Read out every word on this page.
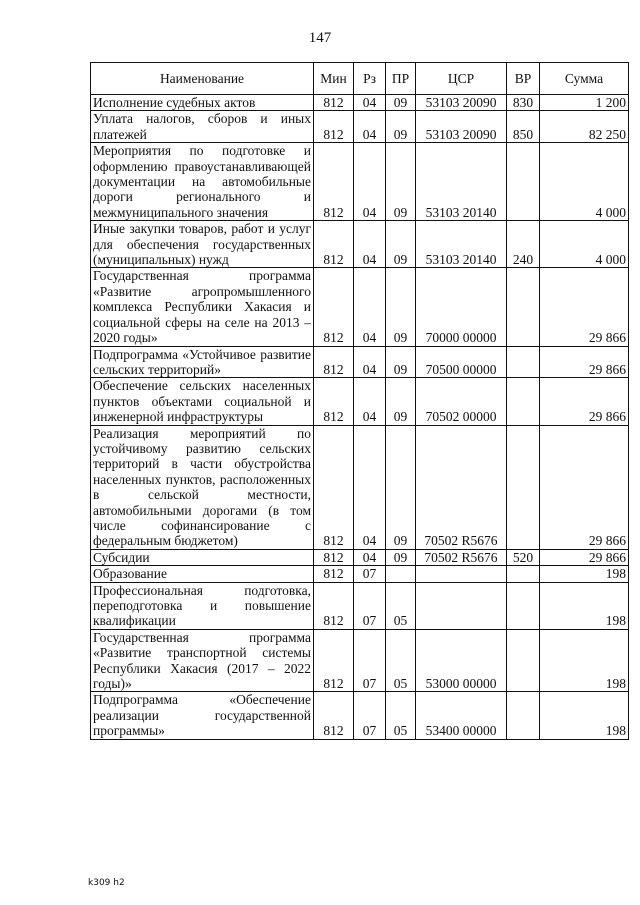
147
Наименование	Мин	Рз	ПР	ЦСР	ВР	Сумма
Исполнение судебных актов	812	04	09	53103 20090	830	1 200
Уплата налогов, сборов и иных платежей	812	04	09	53103 20090	850	82 250
Мероприятия по подготовке и оформлению правоустанавливающей документации на автомобильные дороги регионального и межмуниципального значения	812	04	09	53103 20140		4 000
Иные закупки товаров, работ и услуг для обеспечения государственных (муниципальных) нужд	812	04	09	53103 20140	240	4 000
Государственная программа «Развитие агропромышленного комплекса Республики Хакасия и социальной сферы на селе на 2013 – 2020 годы»	812	04	09	70000 00000		29 866
Подпрограмма «Устойчивое развитие сельских территорий»	812	04	09	70500 00000		29 866
Обеспечение сельских населенных пунктов объектами социальной и инженерной инфраструктуры	812	04	09	70502 00000		29 866
Реализация мероприятий по устойчивому развитию сельских территорий в части обустройства населенных пунктов, расположенных в сельской местности, автомобильными дорогами (в том числе софинансирование с федеральным бюджетом)	812	04	09	70502 R5676		29 866
Субсидии	812	04	09	70502 R5676	520	29 866
Образование	812	07				198
Профессиональная подготовка, переподготовка и повышение квалификации	812	07	05			198
Государственная программа «Развитие транспортной системы Республики Хакасия (2017 – 2022 годы)»	812	07	05	53000 00000		198
Подпрограмма «Обеспечение реализации государственной программы»	812	07	05	53400 00000		198
k309 h2
